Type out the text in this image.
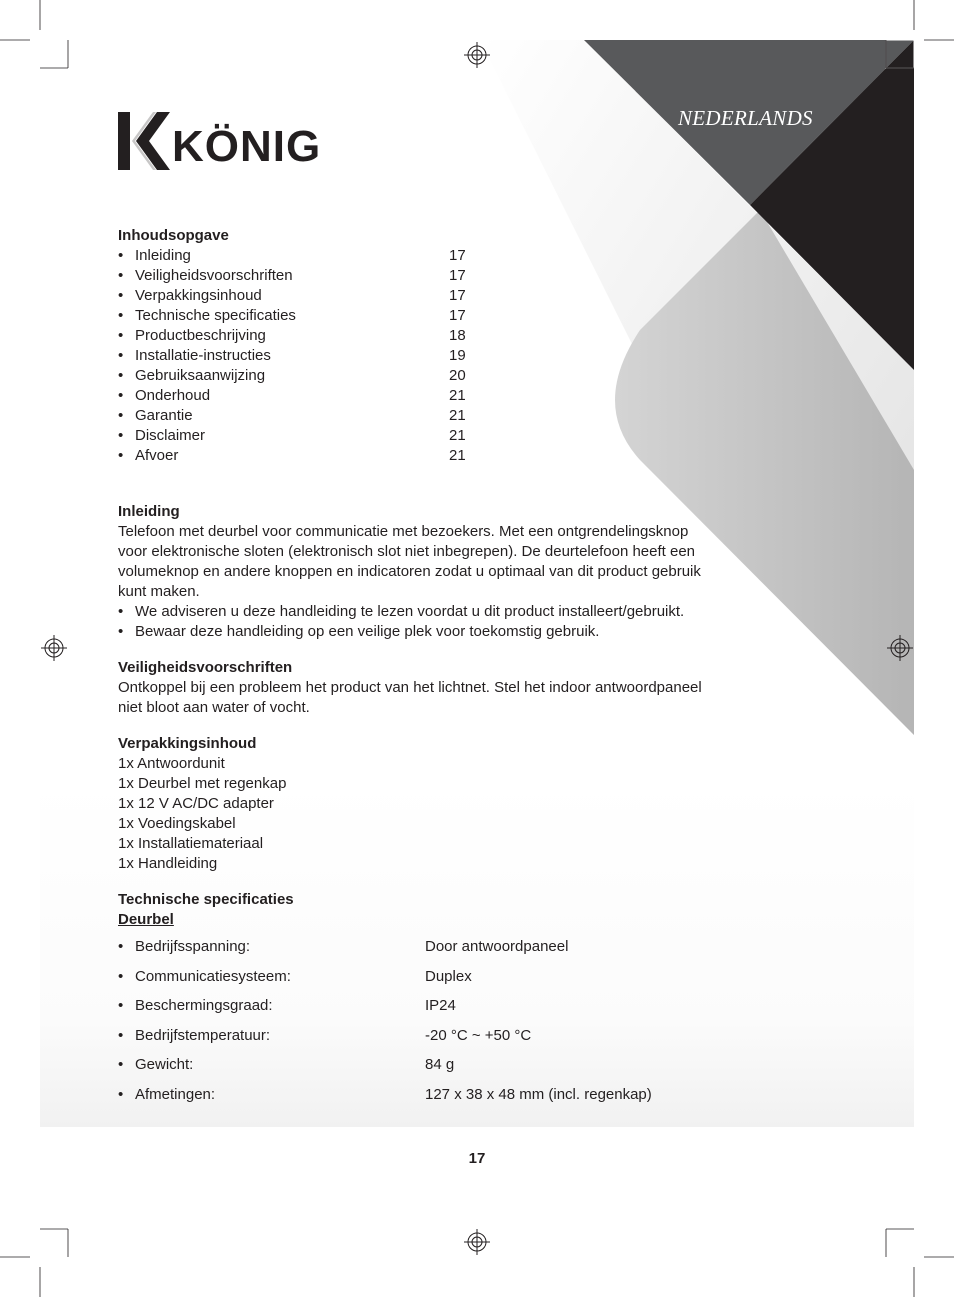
KÖNIG
NEDERLANDS
Inhoudsopgave
• Inleiding	17
• Veiligheidsvoorschriften	17
• Verpakkingsinhoud	17
• Technische specificaties	17
• Productbeschrijving	18
• Installatie-instructies	19
• Gebruiksaanwijzing	20
• Onderhoud	21
• Garantie	21
• Disclaimer	21
• Afvoer	21
Inleiding
Telefoon met deurbel voor communicatie met bezoekers. Met een ontgrendelingsknop
voor elektronische sloten (elektronisch slot niet inbegrepen). De deurtelefoon heeft een
volumeknop en andere knoppen en indicatoren zodat u optimaal van dit product gebruik
kunt maken.
• We adviseren u deze handleiding te lezen voordat u dit product installeert/gebruikt.
• Bewaar deze handleiding op een veilige plek voor toekomstig gebruik.
Veiligheidsvoorschriften
Ontkoppel bij een probleem het product van het lichtnet. Stel het indoor antwoordpaneel
niet bloot aan water of vocht.
Verpakkingsinhoud
1x Antwoordunit
1x Deurbel met regenkap
1x 12 V AC/DC adapter
1x Voedingskabel
1x Installatiemateriaal
1x Handleiding
Technische specificaties
Deurbel
• Bedrijfsspanning:	Door antwoordpaneel
• Communicatiesysteem:	Duplex
• Beschermingsgraad:	IP24
• Bedrijfstemperatuur:	-20 °C ~ +50 °C
• Gewicht:	84 g
• Afmetingen:	127 x 38 x 48 mm (incl. regenkap)
17
